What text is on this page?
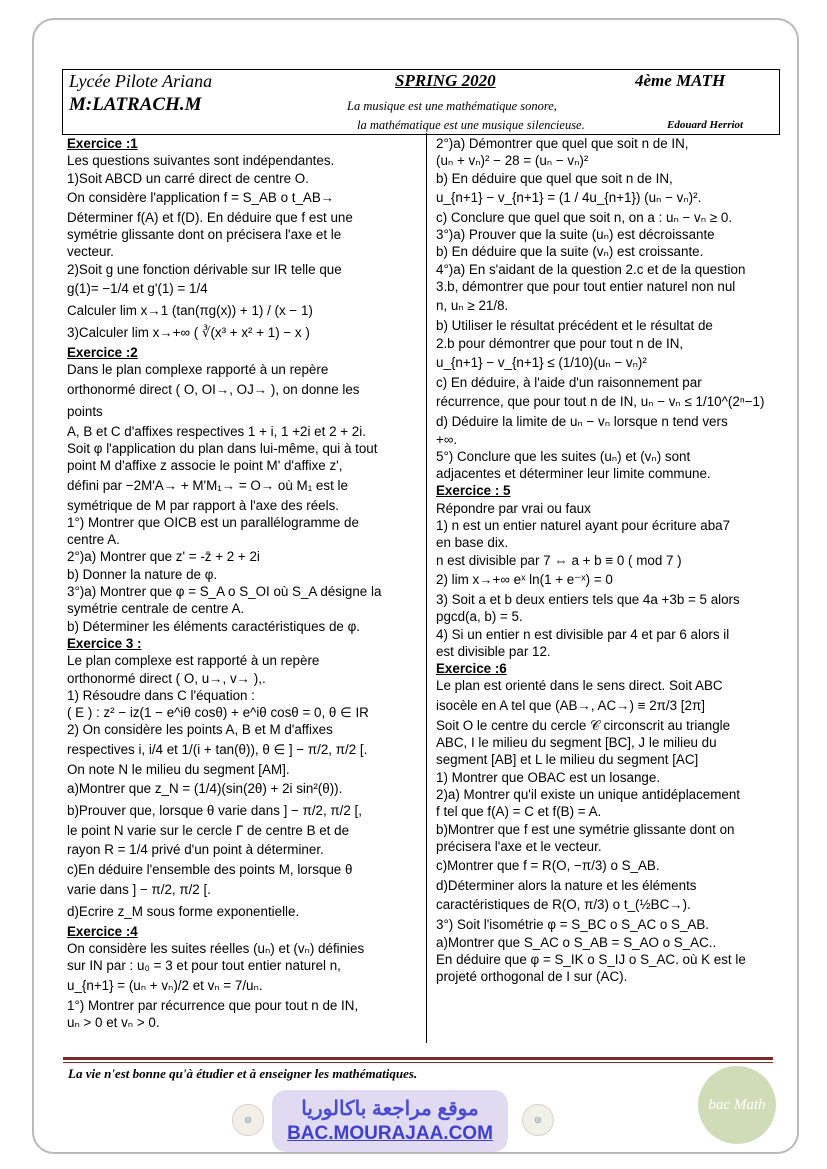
Lycée Pilote Ariana	SPRING 2020	4ème MATH
M:LATRACH.M	La musique est une mathématique sonore,
la mathématique est une musique silencieuse.	Edouard Herriot

Exercice :1

Les questions suivantes sont indépendantes.

1)Soit ABCD un carré direct de centre O.

On considère l'application f = S_AB o t_AB→

Déterminer f(A) et f(D). En déduire que f est une

symétrie glissante dont on précisera l'axe et le

vecteur.

2)Soit g une fonction dérivable sur IR telle que

g(1)= −1/4 et g'(1) = 1/4

Calculer lim x→1 (tan(πg(x)) + 1) / (x − 1)

3)Calculer lim x→+∞ ( ∛(x³ + x² + 1) − x )

Exercice :2

Dans le plan complexe rapporté à un repère

orthonormé direct ( O, OI→, OJ→ ), on donne les points

A, B et C d'affixes respectives 1 + i, 1 +2i et 2 + 2i.

Soit φ l'application du plan dans lui-même, qui à tout

point M d'affixe z associe le point M' d'affixe z',

défini par −2M'A→ + M'M₁→ = O→ où M₁ est le

symétrique de M par rapport à l'axe des réels.

1°) Montrer que OICB est un parallélogramme de

centre A.

2°)a) Montrer que z' = -z̄ + 2 + 2i

b) Donner la nature de φ.

3°)a) Montrer que φ = S_A o S_OI où S_A désigne la

symétrie centrale de centre A.

b) Déterminer les éléments caractéristiques de φ.

Exercice 3 :

Le plan complexe est rapporté à un repère

orthonormé direct ( O, u→, v→ ),.

1) Résoudre dans C l'équation :

( E ) : z² − iz(1 − e^iθ cosθ) + e^iθ cosθ = 0, θ ∈ IR

2) On considère les points A, B et M d'affixes

respectives i, i/4 et 1/(i + tan(θ)), θ ∈ ] − π/2, π/2 [.

On note N le milieu du segment [AM].

a)Montrer que z_N = (1/4)(sin(2θ) + 2i sin²(θ)).

b)Prouver que, lorsque θ varie dans ] − π/2, π/2 [,

le point N varie sur le cercle Γ de centre B et de

rayon R = 1/4 privé d'un point à déterminer.

c)En déduire l'ensemble des points M, lorsque θ

varie dans ] − π/2, π/2 [.

d)Ecrire z_M sous forme exponentielle.

Exercice :4

On considère les suites réelles (uₙ) et (vₙ) définies

sur IN par : u₀ = 3 et pour tout entier naturel n,

u_{n+1} = (uₙ + vₙ)/2 et vₙ = 7/uₙ.

1°) Montrer par récurrence que pour tout n de IN,

uₙ > 0 et vₙ > 0.

2°)a) Démontrer que quel que soit n de IN,

(uₙ + vₙ)² − 28 = (uₙ − vₙ)²

b) En déduire que quel que soit n de IN,

u_{n+1} − v_{n+1} = (1 / 4u_{n+1}) (uₙ − vₙ)².

c) Conclure que quel que soit n, on a : uₙ − vₙ ≥ 0.

3°)a) Prouver que la suite (uₙ) est décroissante

b) En déduire que la suite (vₙ) est croissante.

4°)a) En s'aidant de la question 2.c et de la question

3.b, démontrer que pour tout entier naturel non nul

n, uₙ ≥ 21/8.

b) Utiliser le résultat précédent et le résultat de

2.b pour démontrer que pour tout n de IN,

u_{n+1} − v_{n+1} ≤ (1/10)(uₙ − vₙ)²

c) En déduire, à l'aide d'un raisonnement par

récurrence, que pour tout n de IN, uₙ − vₙ ≤ 1/10^(2ⁿ−1)

d) Déduire la limite de uₙ − vₙ lorsque n tend vers

+∞.

5°) Conclure que les suites (uₙ) et (vₙ) sont

adjacentes et déterminer leur limite commune.

Exercice : 5

Répondre par vrai ou faux

1) n est un entier naturel ayant pour écriture aba7

en base dix.

n est divisible par 7 ⇔ a + b ≡ 0 ( mod 7 )

2) lim x→+∞ eˣ ln(1 + e⁻ˣ) = 0

3) Soit a et b deux entiers tels que 4a +3b = 5 alors

pgcd(a, b) = 5.

4) Si un entier n est divisible par 4 et par 6 alors il

est divisible par 12.

Exercice :6

Le plan est orienté dans le sens direct. Soit ABC

isocèle en A tel que (AB→, AC→) ≡ 2π/3 [2π]

Soit O le centre du cercle 𝒞 circonscrit au triangle

ABC, I le milieu du segment [BC], J le milieu du

segment [AB] et L le milieu du segment [AC]

1) Montrer que OBAC est un losange.

2)a) Montrer qu'il existe un unique antidéplacement

f tel que f(A) = C et f(B) = A.

b)Montrer que f est une symétrie glissante dont on

précisera l'axe et le vecteur.

c)Montrer que f = R(O, −π/3) o S_AB.

d)Déterminer alors la nature et les éléments

caractéristiques de R(O, π/3) o t_(½BC→).

3°) Soit l'isométrie φ = S_BC o S_AC o S_AB.

a)Montrer que S_AC o S_AB = S_AO o S_AC..

En déduire que φ = S_IK o S_IJ o S_AC. où K est le

projeté orthogonal de I sur (AC).

La vie n'est bonne qu'à étudier et à enseigner les mathématiques.
◎	موقع مراجعة باكالوريا
BAC.MOURAJAA.COM
◎
bac Math
